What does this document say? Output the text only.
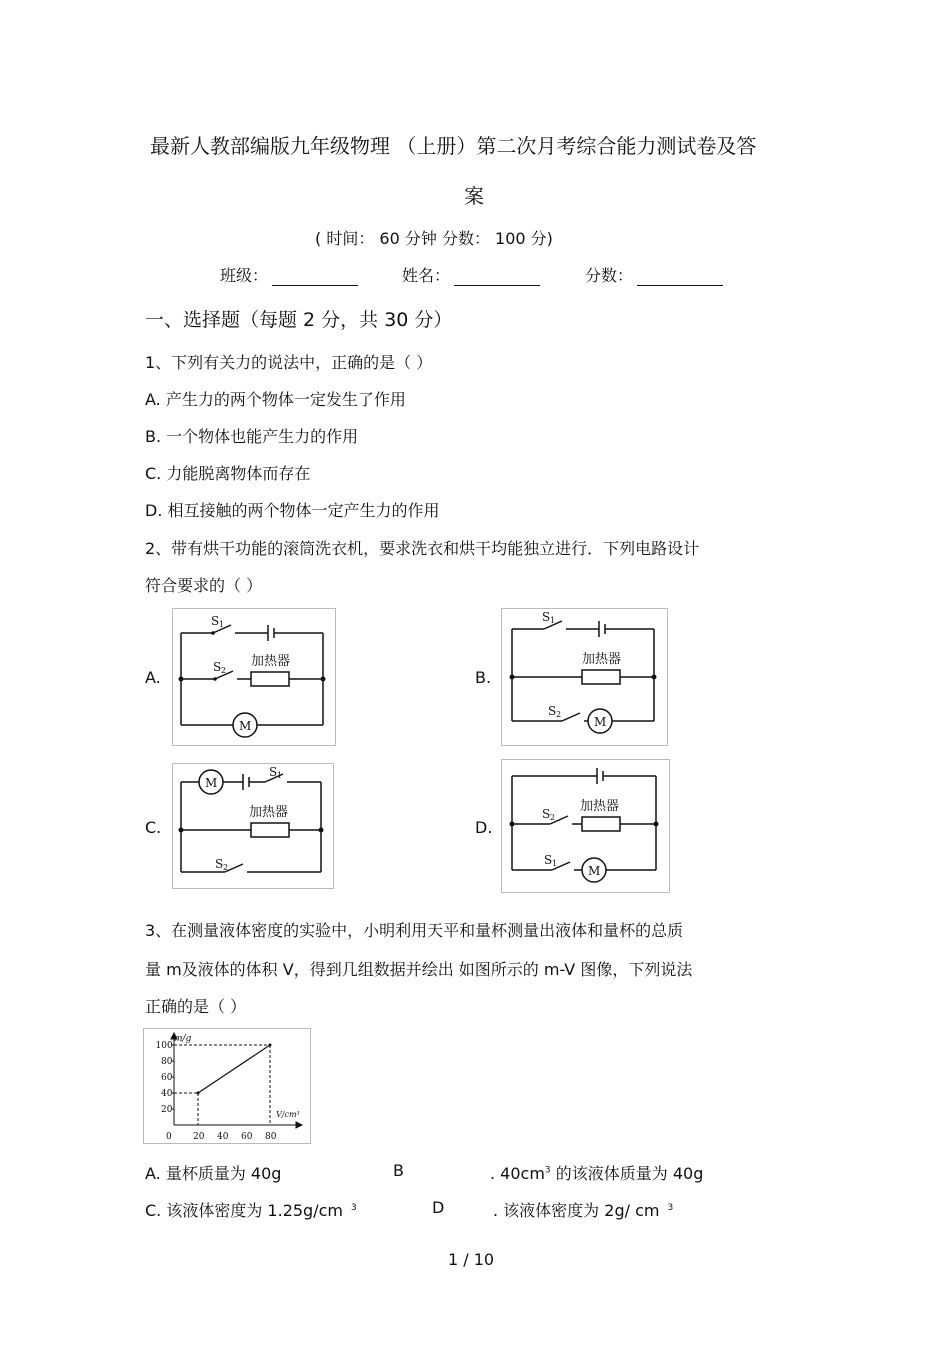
最新人教部编版九年级物理 （上册）第二次月考综合能力测试卷及答
案
( 时间： 60 分钟 分数： 100 分)
班级：	姓名：	分数：
一、选择题（每题 2 分，共 30 分）
1、下列有关力的说法中，正确的是（ ）
A. 产生力的两个物体一定发生了作用
B. 一个物体也能产生力的作用
C. 力能脱离物体而存在
D. 相互接触的两个物体一定产生力的作用
2、带有烘干功能的滚筒洗衣机，要求洗衣和烘干均能独立进行．下列电路设计
符合要求的（ ）
A.	B.
C.	D.
S 1
S 2
加热器
M
S 1
加热器
S 2
M
M
S 1
加热器
S 2
S 2
加热器
S 1
M
3、在测量液体密度的实验中，小明利用天平和量杯测量出液体和量杯的总质
量 m及液体的体积 V，得到几组数据并绘出 如图所示的 m-V 图像，下列说法
正确的是（ ）
0 20 40 60 80
20
40
60
80
100
m/g
V/cm³
A. 量杯质量为 40g	B	. $40cm^3$ 的该液体质量为 40g
C. 该液体密度为 1.25g/cm $^3$	D	. 该液体密度为 2g/ cm $^3$
1 / 10
